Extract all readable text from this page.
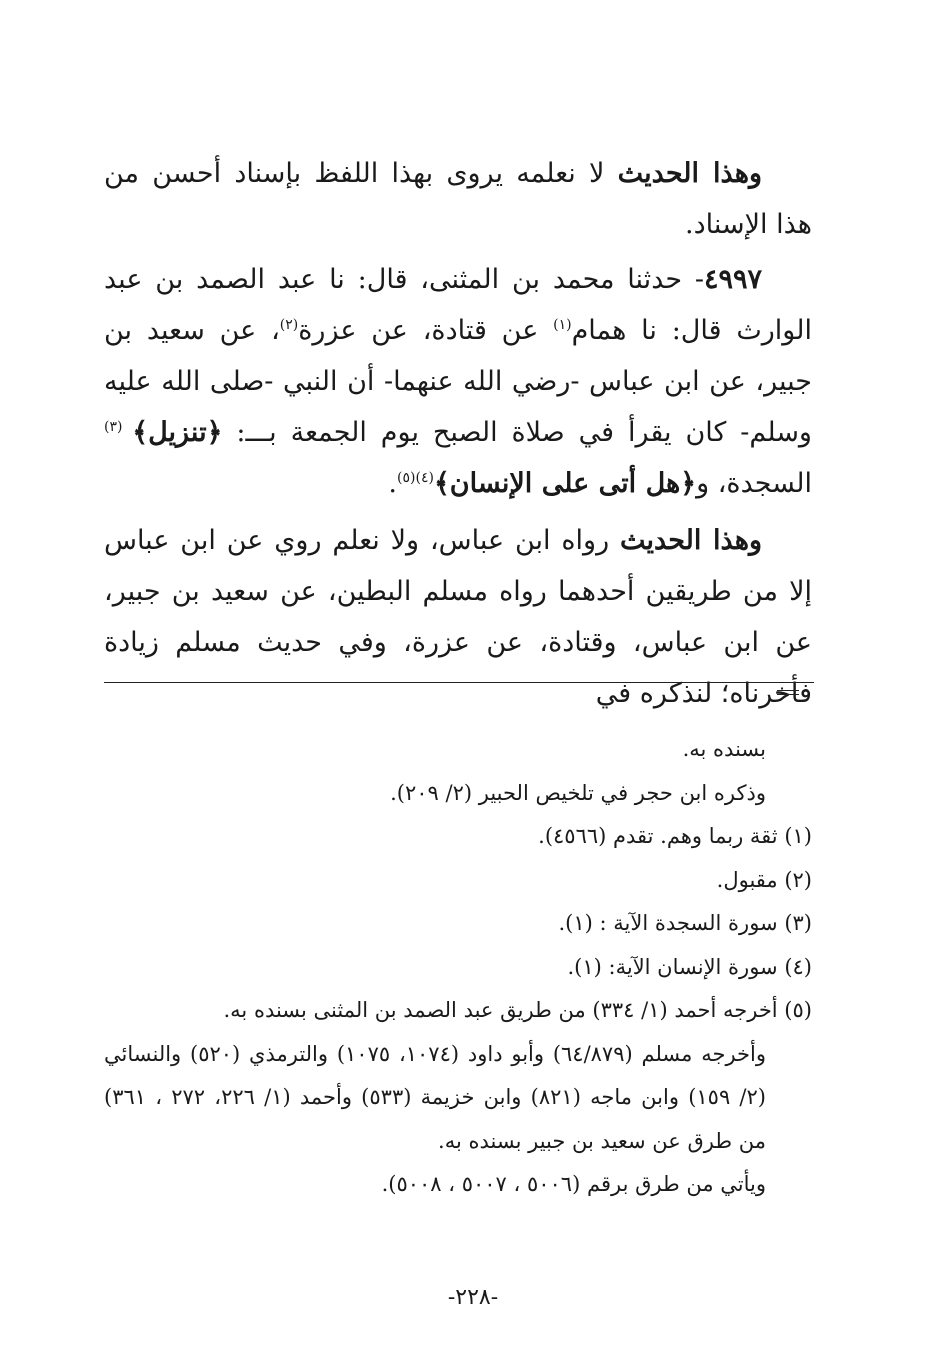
وهذا الحديث لا نعلمه يروى بهذا اللفظ بإسناد أحسن من هذا الإسناد.

٤٩٩٧- حدثنا محمد بن المثنى، قال: نا عبد الصمد بن عبد الوارث قال: نا همام$^{(١)}$ عن قتادة، عن عزرة$^{(٢)}$، عن سعيد بن جبير، عن ابن عباس -رضي الله عنهما- أن النبي -صلى الله عليه وسلم- كان يقرأ في صلاة الصبح يوم الجمعة بـــ: ﴿تنزيل﴾ $^{(٣)}$ السجدة، و﴿هل أتى على الإنسان﴾$^{(٤)(٥)}$.

وهذا الحديث رواه ابن عباس، ولا نعلم روي عن ابن عباس إلا من طريقين أحدهما رواه مسلم البطين، عن سعيد بن جبير، عن ابن عباس، وقتادة، عن عزرة، وفي حديث مسلم زيادة فأخرناه؛ لنذكره في

بسنده به.

وذكره ابن حجر في تلخيص الحبير (٢/ ٢٠٩).

(١) ثقة ربما وهم. تقدم (٤٥٦٦).

(٢) مقبول.

(٣) سورة السجدة الآية : (١).

(٤) سورة الإنسان الآية: (١).

(٥) أخرجه أحمد (١/ ٣٣٤) من طريق عبد الصمد بن المثنى بسنده به.

وأخرجه مسلم (٦٤/٨٧٩) وأبو داود (١٠٧٤، ١٠٧٥) والترمذي (٥٢٠) والنسائي (٢/ ١٥٩) وابن ماجه (٨٢١) وابن خزيمة (٥٣٣) وأحمد (١/ ٢٢٦، ٢٧٢ ، ٣٦١) من طرق عن سعيد بن جبير بسنده به.

ويأتي من طرق برقم (٥٠٠٦ ، ٥٠٠٧ ، ٥٠٠٨).

-٢٢٨-
